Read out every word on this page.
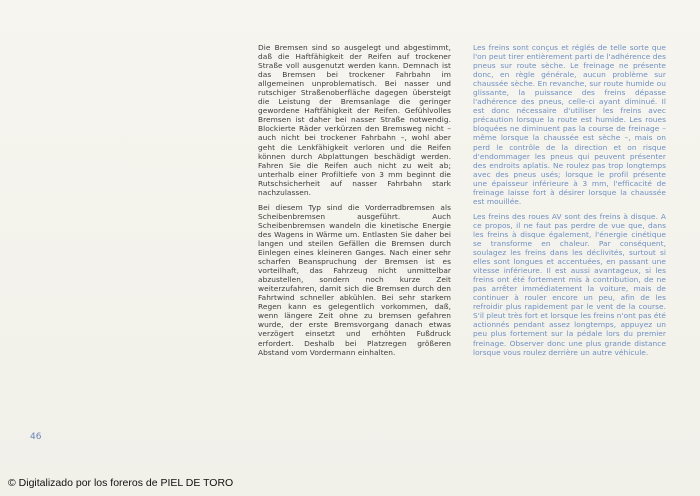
Die Bremsen sind so ausgelegt und abgestimmt, daß die Haftfähigkeit der Reifen auf trockener Straße voll ausgenutzt werden kann. Demnach ist das Bremsen bei trockener Fahrbahn im allgemeinen unproblematisch. Bei nasser und rutschiger Straßenoberfläche dagegen übersteigt die Leistung der Bremsanlage die geringer gewordene Haftfähigkeit der Reifen. Gefühlvolles Bremsen ist daher bei nasser Straße notwendig. Blockierte Räder verkürzen den Bremsweg nicht – auch nicht bei trockener Fahrbahn –, wohl aber geht die Lenkfähigkeit verloren und die Reifen können durch Abplattungen beschädigt werden. Fahren Sie die Reifen auch nicht zu weit ab; unterhalb einer Profiltiefe von 3 mm beginnt die Rutschsicherheit auf nasser Fahrbahn stark nachzulassen.

Bei diesem Typ sind die Vorderradbremsen als Scheibenbremsen ausgeführt. Auch Scheibenbremsen wandeln die kinetische Energie des Wagens in Wärme um. Entlasten Sie daher bei langen und steilen Gefällen die Bremsen durch Einlegen eines kleineren Ganges. Nach einer sehr scharfen Beanspruchung der Bremsen ist es vorteilhaft, das Fahrzeug nicht unmittelbar abzustellen, sondern noch kurze Zeit weiterzufahren, damit sich die Bremsen durch den Fahrtwind schneller abkühlen. Bei sehr starkem Regen kann es gelegentlich vorkommen, daß, wenn längere Zeit ohne zu bremsen gefahren wurde, der erste Bremsvorgang danach etwas verzögert einsetzt und erhöhten Fußdruck erfordert. Deshalb bei Platzregen größeren Abstand vom Vordermann einhalten.

Les freins sont conçus et réglés de telle sorte que l'on peut tirer entièrement parti de l'adhérence des pneus sur route sèche. Le freinage ne présente donc, en règle générale, aucun problème sur chaussée sèche. En revanche, sur route humide ou glissante, la puissance des freins dépasse l'adhérence des pneus, celle-ci ayant diminué. Il est donc nécessaire d'utiliser les freins avec précaution lorsque la route est humide. Les roues bloquées ne diminuent pas la course de freinage – même lorsque la chaussée est sèche –, mais on perd le contrôle de la direction et on risque d'endommager les pneus qui peuvent présenter des endroits aplatis. Ne roulez pas trop longtemps avec des pneus usés; lorsque le profil présente une épaisseur inférieure à 3 mm, l'efficacité de freinage laisse fort à désirer lorsque la chaussée est mouillée.

Les freins des roues AV sont des freins à disque. A ce propos, il ne faut pas perdre de vue que, dans les freins à disque également, l'énergie cinétique se transforme en chaleur. Par conséquent, soulagez les freins dans les déclivités, surtout si elles sont longues et accentuées, en passant une vitesse inférieure. Il est aussi avantageux, si les freins ont été fortement mis à contribution, de ne pas arrêter immédiatement la voiture, mais de continuer à rouler encore un peu, afin de les refroidir plus rapidement par le vent de la course. S'il pleut très fort et lorsque les freins n'ont pas été actionnés pendant assez longtemps, appuyez un peu plus fortement sur la pédale lors du premier freinage. Observer donc une plus grande distance lorsque vous roulez derrière un autre véhicule.

46
© Digitalizado por los foreros de PIEL DE TORO
